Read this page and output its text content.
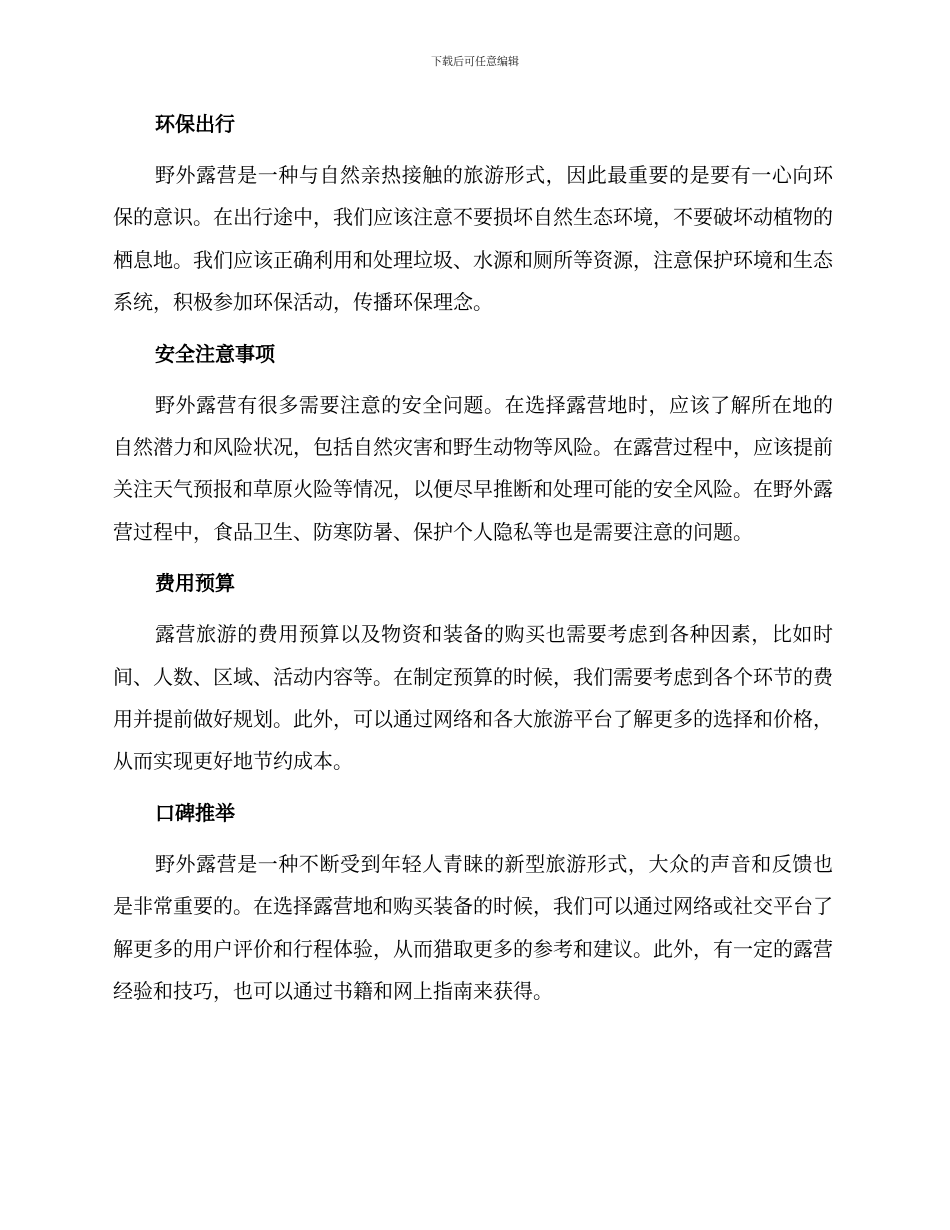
下载后可任意编辑
环保出行
野外露营是一种与自然亲热接触的旅游形式，因此最重要的是要有一心向环保的意识。在出行途中，我们应该注意不要损坏自然生态环境，不要破坏动植物的栖息地。我们应该正确利用和处理垃圾、水源和厕所等资源，注意保护环境和生态系统，积极参加环保活动，传播环保理念。
安全注意事项
野外露营有很多需要注意的安全问题。在选择露营地时，应该了解所在地的自然潜力和风险状况，包括自然灾害和野生动物等风险。在露营过程中，应该提前关注天气预报和草原火险等情况，以便尽早推断和处理可能的安全风险。在野外露营过程中，食品卫生、防寒防暑、保护个人隐私等也是需要注意的问题。
费用预算
露营旅游的费用预算以及物资和装备的购买也需要考虑到各种因素，比如时间、人数、区域、活动内容等。在制定预算的时候，我们需要考虑到各个环节的费用并提前做好规划。此外，可以通过网络和各大旅游平台了解更多的选择和价格，从而实现更好地节约成本。
口碑推举
野外露营是一种不断受到年轻人青睐的新型旅游形式，大众的声音和反馈也是非常重要的。在选择露营地和购买装备的时候，我们可以通过网络或社交平台了解更多的用户评价和行程体验，从而猎取更多的参考和建议。此外，有一定的露营经验和技巧，也可以通过书籍和网上指南来获得。
